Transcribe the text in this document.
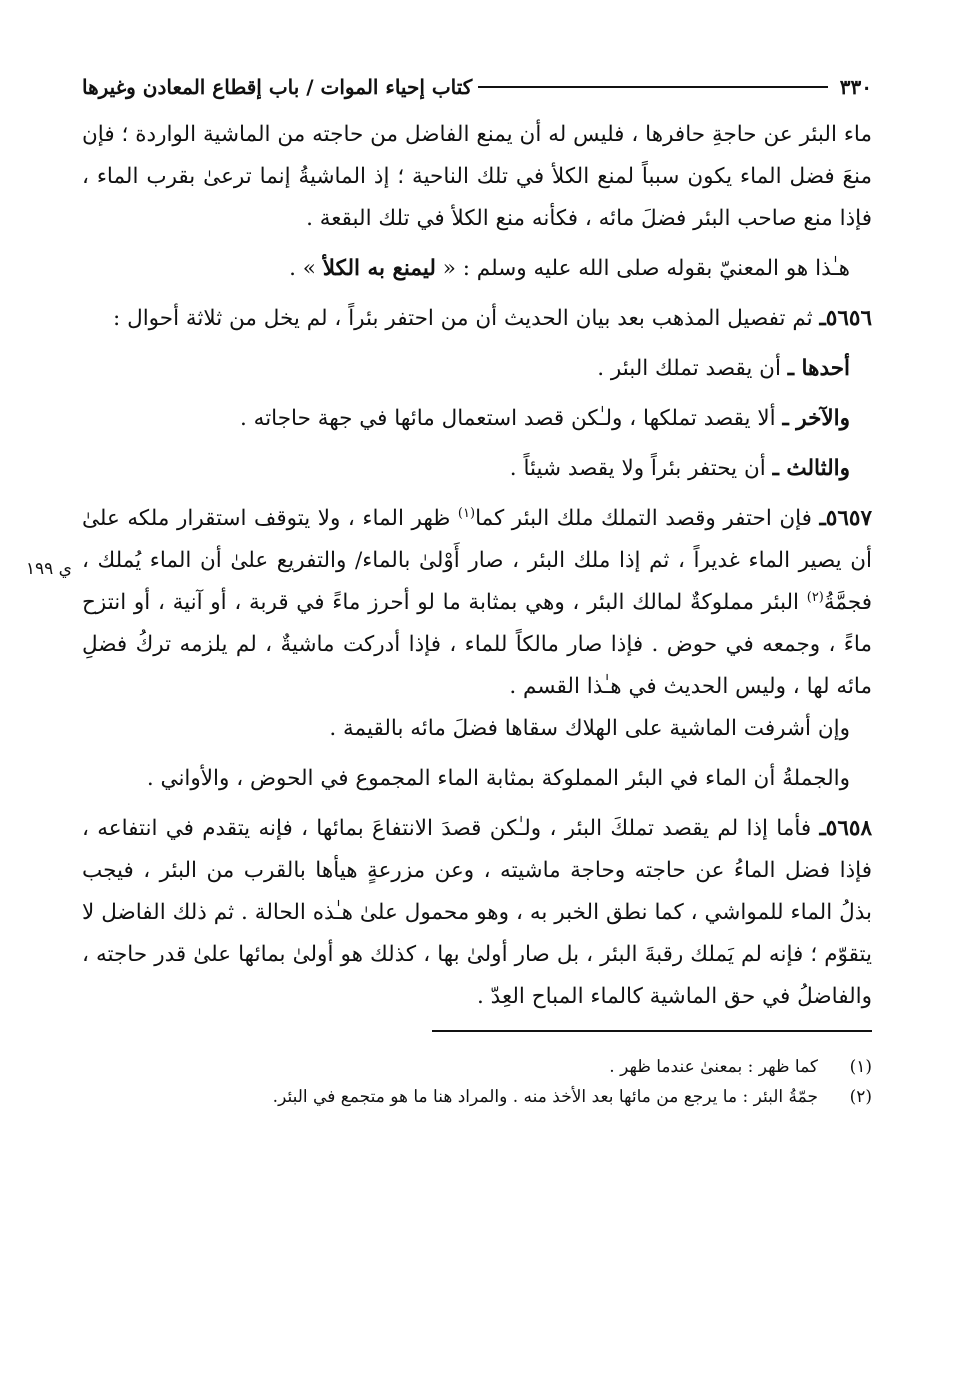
٣٣٠
كتاب إحياء الموات / باب إقطاع المعادن وغيرها

ماء البئر عن حاجةِ حافرها ، فليس له أن يمنع الفاضل من حاجته من الماشية الواردة ؛ فإن منعَ فضل الماء يكون سبباً لمنع الكلأ في تلك الناحية ؛ إذ الماشيةُ إنما ترعىٰ بقرب الماء ، فإذا منع صاحب البئر فضلَ مائه ، فكأنه منع الكلأ في تلك البقعة .

هـٰذا هو المعنيّ بقوله صلى الله عليه وسلم : « ليمنع به الكلأ » .

٥٦٥٦ـ ثم تفصيل المذهب بعد بيان الحديث أن من احتفر بئراً ، لم يخل من ثلاثة أحوال :

أحدها ـ أن يقصد تملك البئر .

والآخر ـ ألا يقصد تملكها ، ولـٰكن قصد استعمال مائها في جهة حاجاته .

والثالث ـ أن يحتفر بئراً ولا يقصد شيئاً .

ي ١٩٩
٥٦٥٧ـ فإن احتفر وقصد التملك ملك البئر كما$^{(١)}$ ظهر الماء ، ولا يتوقف استقرار ملكه علىٰ أن يصير الماء غديراً ، ثم إذا ملك البئر ، صار أَوْلىٰ بالماء/ والتفريع علىٰ أن الماء يُملك ، فجمَّةُ$^{(٢)}$ البئر مملوكةٌ لمالك البئر ، وهي بمثابة ما لو أحرز ماءً في قربة ، أو آنية ، أو انتزح ماءً ، وجمعه في حوض . فإذا صار مالكاً للماء ، فإذا أدركت ماشيةٌ ، لم يلزمه تركُ فضلِ مائه لها ، وليس الحديث في هـٰذا القسم .

وإن أشرفت الماشية على الهلاك سقاها فضلَ مائه بالقيمة .

والجملةُ أن الماء في البئر المملوكة بمثابة الماء المجموع في الحوض ، والأواني .

٥٦٥٨ـ فأما إذا لم يقصد تملكَ البئر ، ولـٰكن قصدَ الانتفاعَ بمائها ، فإنه يتقدم في انتفاعه ، فإذا فضل الماءُ عن حاجته وحاجة ماشيته ، وعن مزرعةٍ هيأها بالقرب من البئر ، فيجب بذلُ الماء للمواشي ، كما نطق الخبر به ، وهو محمول علىٰ هـٰذه الحالة . ثم ذلك الفاضل لا يتقوّم ؛ فإنه لم يَملك رقبةَ البئر ، بل صار أولىٰ بها ، كذلك هو أولىٰ بمائها علىٰ قدر حاجته ، والفاضلُ في حق الماشية كالماء المباح العِدّ .

(١)
كما ظهر : بمعنىٰ عندما ظهر .
(٢)
جمّةُ البئر : ما يرجع من مائها بعد الأخذ منه . والمراد هنا ما هو متجمع في البئر.
